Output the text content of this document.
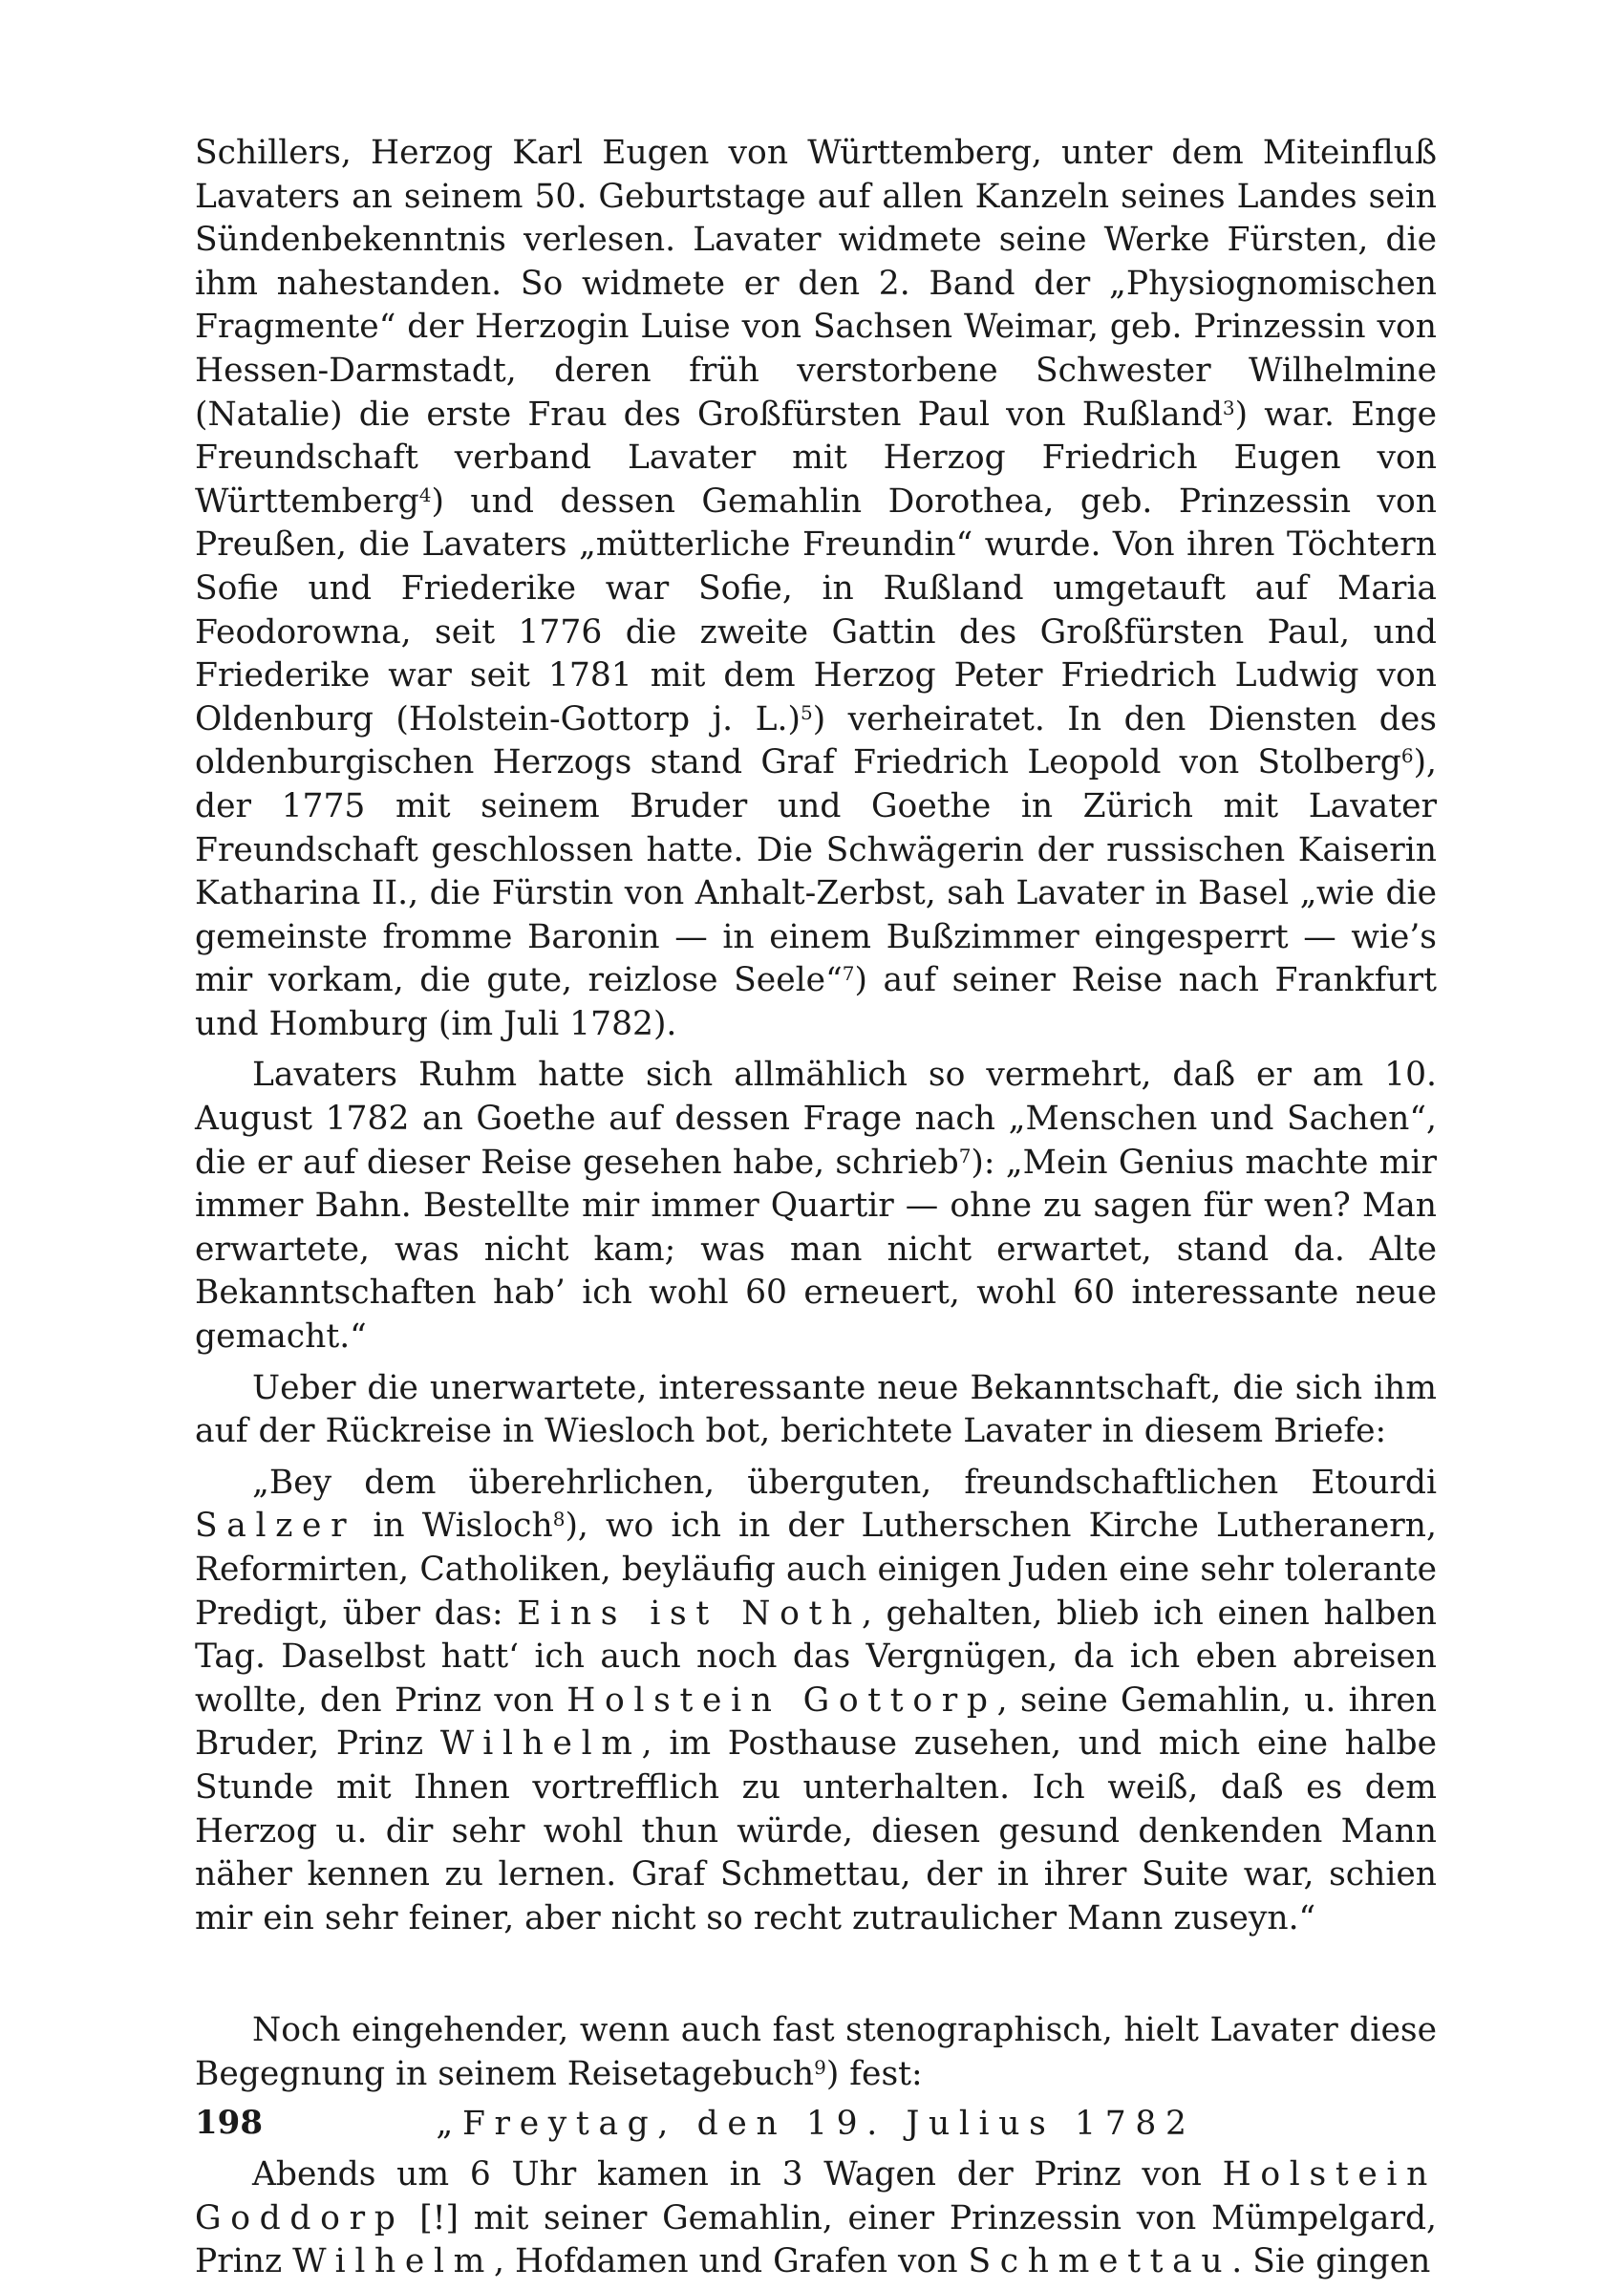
Schillers, Herzog Karl Eugen von Württemberg, unter dem Miteinfluß Lavaters an seinem 50. Geburtstage auf allen Kanzeln seines Landes sein Sündenbekenntnis verlesen. Lavater widmete seine Werke Fürsten, die ihm nahestanden. So widmete er den 2. Band der „Physiognomischen Fragmente“ der Herzogin Luise von Sachsen Weimar, geb. Prinzessin von Hessen-Darmstadt, deren früh verstorbene Schwester Wilhelmine (Natalie) die erste Frau des Großfürsten Paul von Rußland$^3$) war. Enge Freundschaft verband Lavater mit Herzog Friedrich Eugen von Württemberg$^4$) und dessen Gemahlin Dorothea, geb. Prinzessin von Preußen, die Lavaters „mütterliche Freundin“ wurde. Von ihren Töchtern Sofie und Friederike war Sofie, in Rußland umgetauft auf Maria Feodorowna, seit 1776 die zweite Gattin des Großfürsten Paul, und Friederike war seit 1781 mit dem Herzog Peter Friedrich Ludwig von Oldenburg (Holstein-Gottorp j. L.)$^5$) verheiratet. In den Diensten des oldenburgischen Herzogs stand Graf Friedrich Leopold von Stolberg$^6$), der 1775 mit seinem Bruder und Goethe in Zürich mit Lavater Freundschaft geschlossen hatte. Die Schwägerin der russischen Kaiserin Katharina II., die Fürstin von Anhalt-Zerbst, sah Lavater in Basel „wie die gemeinste fromme Baronin — in einem Bußzimmer eingesperrt — wie’s mir vorkam, die gute, reizlose Seele“$^7$) auf seiner Reise nach Frankfurt und Homburg (im Juli 1782).

Lavaters Ruhm hatte sich allmählich so vermehrt, daß er am 10. August 1782 an Goethe auf dessen Frage nach „Menschen und Sachen“, die er auf dieser Reise gesehen habe, schrieb$^7$): „Mein Genius machte mir immer Bahn. Bestellte mir immer Quartir — ohne zu sagen für wen? Man erwartete, was nicht kam; was man nicht erwartet, stand da. Alte Bekanntschaften hab’ ich wohl 60 erneuert, wohl 60 interessante neue gemacht.“

Ueber die unerwartete, interessante neue Bekanntschaft, die sich ihm auf der Rückreise in Wiesloch bot, berichtete Lavater in diesem Briefe:

„Bey dem überehrlichen, überguten, freundschaftlichen Etourdi Salzer in Wisloch$^8$), wo ich in der Lutherschen Kirche Lutheranern, Reformirten, Catholiken, beyläufig auch einigen Juden eine sehr tolerante Predigt, über das: Eins ist Noth, gehalten, blieb ich einen halben Tag. Daselbst hatt‘ ich auch noch das Vergnügen, da ich eben abreisen wollte, den Prinz von Holstein Gottorp, seine Gemahlin, u. ihren Bruder, Prinz Wilhelm, im Posthause zusehen, und mich eine halbe Stunde mit Ihnen vortrefflich zu unterhalten. Ich weiß, daß es dem Herzog u. dir sehr wohl thun würde, diesen gesund denkenden Mann näher kennen zu lernen. Graf Schmettau, der in ihrer Suite war, schien mir ein sehr feiner, aber nicht so recht zutraulicher Mann zuseyn.“

Noch eingehender, wenn auch fast stenographisch, hielt Lavater diese Begegnung in seinem Reisetagebuch$^9$) fest:

„Freytag, den 19. Julius 1782

Abends um 6 Uhr kamen in 3 Wagen der Prinz von Holstein Goddorp [!] mit seiner Gemahlin, einer Prinzessin von Mümpelgard, Prinz Wilhelm, Hofdamen und Grafen von Schmettau. Sie gingen

198
